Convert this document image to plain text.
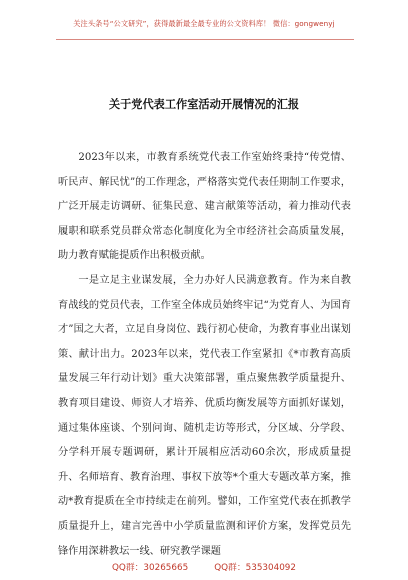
关注头条号“公文研究”，获得最新最全最专业的公文资料库！ 微信：gongwenyj
关于党代表工作室活动开展情况的汇报

2023年以来，市教育系统党代表工作室始终秉持“传党情、听民声、解民忧”的工作理念，严格落实党代表任期制工作要求，广泛开展走访调研、征集民意、建言献策等活动，着力推动代表履职和联系党员群众常态化制度化为全市经济社会高质量发展，助力教育赋能提质作出积极贡献。

一是立足主业谋发展，全力办好人民满意教育。作为来自教育战线的党员代表，工作室全体成员始终牢记“为党育人、为国育才”国之大者，立足自身岗位、践行初心使命，为教育事业出谋划策、献计出力。2023年以来，党代表工作室紧扣《*市教育高质量发展三年行动计划》重大决策部署，重点聚焦教学质量提升、教育项目建设、师资人才培养、优质均衡发展等方面抓好谋划，通过集体座谈、个别问询、随机走访等形式，分区域、分学段、分学科开展专题调研，累计开展相应活动60余次，形成质量提升、名师培育、教育治理、事权下放等*个重大专题改革方案，推动*教育提质在全市持续走在前列。譬如，工作室党代表在抓教学质量提升上，建言完善中小学质量监测和评价方案，发挥党员先锋作用深耕教坛一线、研究教学课题

QQ群：30265665	QQ群：535304092
